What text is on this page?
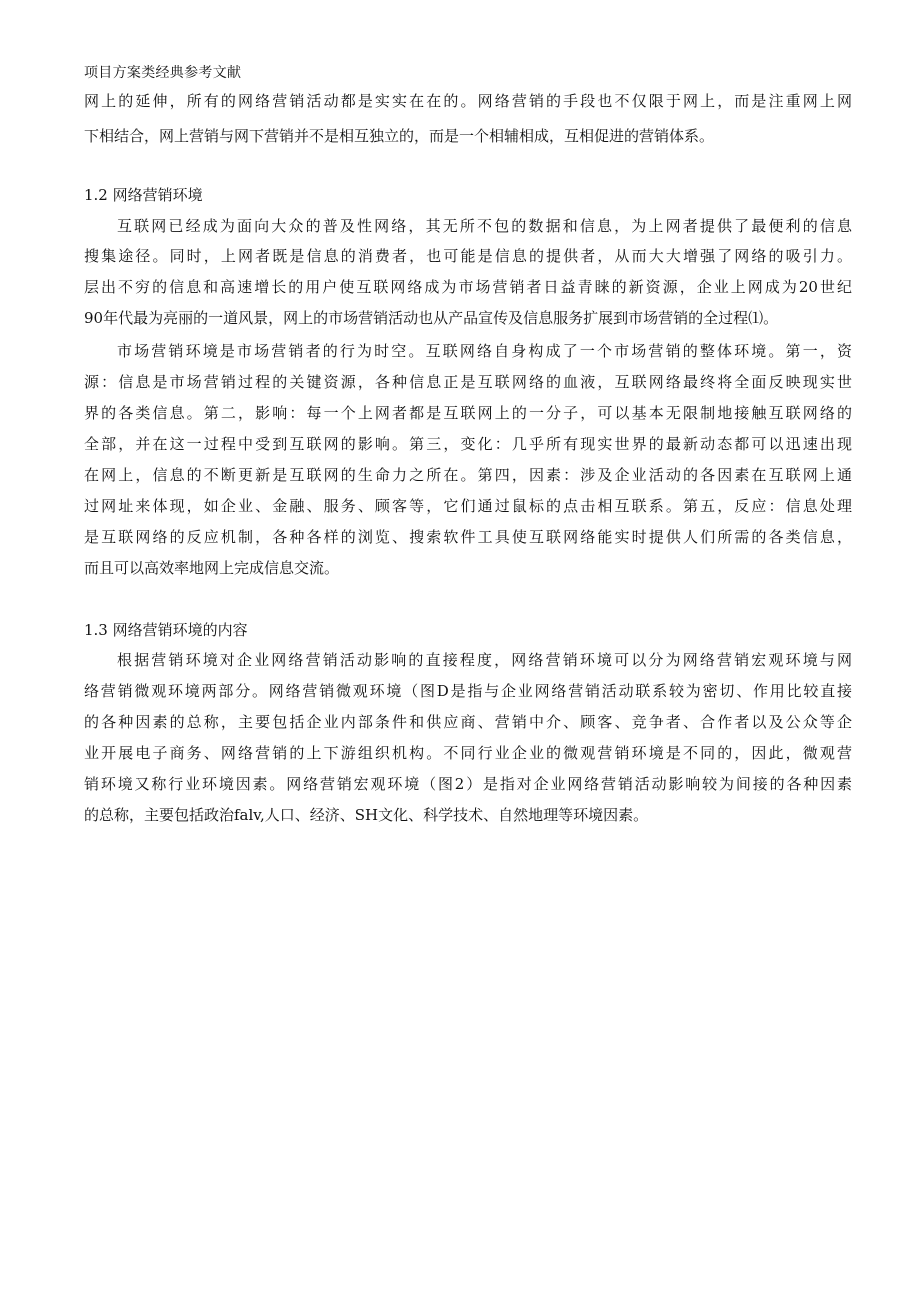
项目方案类经典参考文献
网上的延伸，所有的网络营销活动都是实实在在的。网络营销的手段也不仅限于网上，而是注重网上网
下相结合，网上营销与网下营销并不是相互独立的，而是一个相辅相成，互相促进的营销体系。
1.2 网络营销环境
互联网已经成为面向大众的普及性网络，其无所不包的数据和信息，为上网者提供了最便利的信息
搜集途径。同时，上网者既是信息的消费者，也可能是信息的提供者，从而大大增强了网络的吸引力。
层出不穷的信息和高速增长的用户使互联网络成为市场营销者日益青睐的新资源，企业上网成为20世纪
90年代最为亮丽的一道风景，网上的市场营销活动也从产品宣传及信息服务扩展到市场营销的全过程⑴。
市场营销环境是市场营销者的行为时空。互联网络自身构成了一个市场营销的整体环境。第一，资
源：信息是市场营销过程的关键资源，各种信息正是互联网络的血液，互联网络最终将全面反映现实世
界的各类信息。第二，影响：每一个上网者都是互联网上的一分子，可以基本无限制地接触互联网络的
全部，并在这一过程中受到互联网的影响。第三，变化：几乎所有现实世界的最新动态都可以迅速出现
在网上，信息的不断更新是互联网的生命力之所在。第四，因素：涉及企业活动的各因素在互联网上通
过网址来体现，如企业、金融、服务、顾客等，它们通过鼠标的点击相互联系。第五，反应：信息处理
是互联网络的反应机制，各种各样的浏览、搜索软件工具使互联网络能实时提供人们所需的各类信息，
而且可以高效率地网上完成信息交流。
1.3 网络营销环境的内容
根据营销环境对企业网络营销活动影响的直接程度，网络营销环境可以分为网络营销宏观环境与网
络营销微观环境两部分。网络营销微观环境（图D是指与企业网络营销活动联系较为密切、作用比较直接
的各种因素的总称，主要包括企业内部条件和供应商、营销中介、顾客、竞争者、合作者以及公众等企
业开展电子商务、网络营销的上下游组织机构。不同行业企业的微观营销环境是不同的，因此，微观营
销环境又称行业环境因素。网络营销宏观环境（图2）是指对企业网络营销活动影响较为间接的各种因素
的总称，主要包括政治falv,人口、经济、SH文化、科学技术、自然地理等环境因素。
